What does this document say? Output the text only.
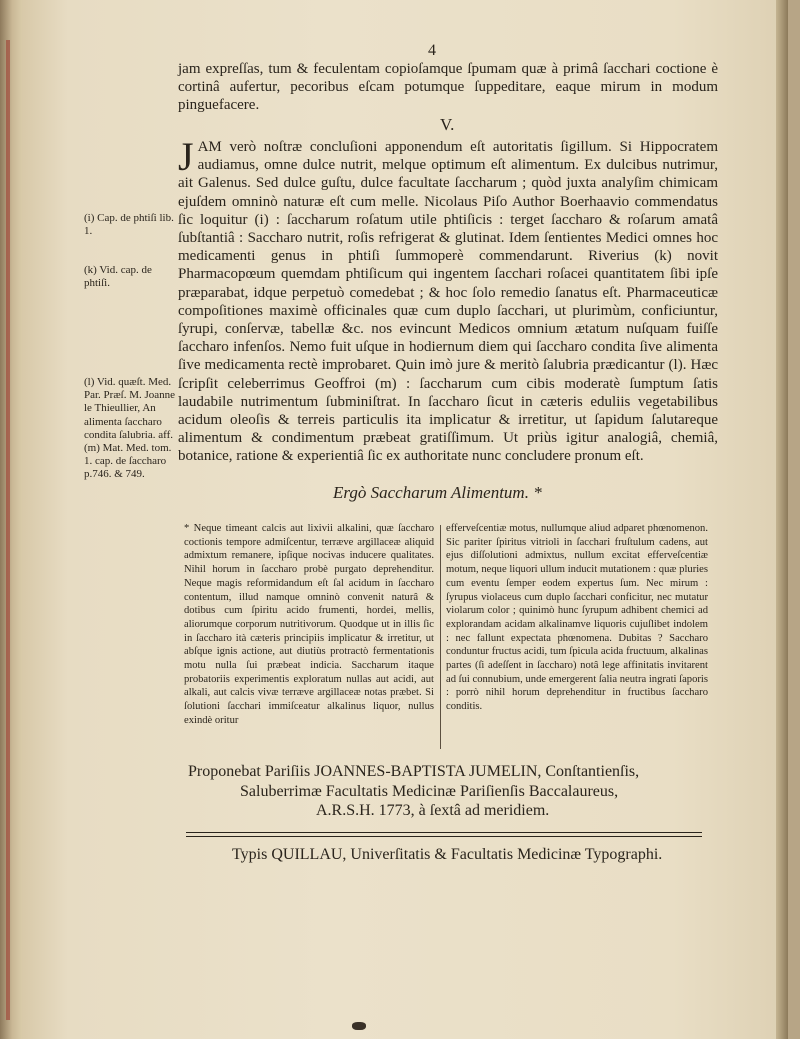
4

jam expreſſas, tum & feculentam copioſamque ſpumam quæ à primâ ſacchari coctione è cortinâ aufertur, pecoribus eſcam potumque ſuppeditare, eaque mirum in modum pinguefacere.

V.
J AM verò noſtræ concluſioni apponendum eſt autoritatis ſigillum. Si Hippocratem audiamus, omne dulce nutrit, melque optimum eſt alimentum. Ex dulcibus nutrimur, ait Galenus. Sed dulce guſtu, dulce facultate ſaccharum ; quòd juxta analyſim chimicam ejuſdem omninò naturæ eſt cum melle. Nicolaus Piſo Author Boerhaavio commendatus ſic loquitur (i) : ſaccharum roſatum utile phtiſicis : terget ſaccharo & roſarum amatâ ſubſtantiâ : Saccharo nutrit, roſis refrigerat & glutinat. Idem ſentientes Medici omnes hoc medicamenti genus in phtiſi ſummoperè commendarunt. Riverius (k) novit Pharmacopœum quemdam phtiſicum qui ingentem ſacchari roſacei quantitatem ſibi ipſe præparabat, idque perpetuò comedebat ; & hoc ſolo remedio ſanatus eſt. Pharmaceuticæ compoſitiones maximè officinales quæ cum duplo ſacchari, ut plurimùm, conficiuntur, ſyrupi, conſervæ, tabellæ &c. nos evincunt Medicos omnium ætatum nuſquam fuiſſe ſaccharo infenſos. Nemo fuit uſque in hodiernum diem qui ſaccharo condita ſive alimenta ſive medicamenta rectè improbaret. Quin imò jure & meritò ſalubria prædicantur (l). Hæc ſcripſit celeberrimus Geoffroi (m) : ſaccharum cum cibis moderatè ſumptum ſatis laudabile nutrimentum ſubminiſtrat. In ſaccharo ſicut in cæteris eduliis vegetabilibus acidum oleoſis & terreis particulis ita implicatur & irretitur, ut ſapidum ſalutareque alimentum & condimentum præbeat gratiſſimum. Ut priùs igitur analogiâ, chemiâ, botanice, ratione & experientiâ ſic ex authoritate nunc concludere pronum eſt.

(i) Cap. de phtiſi lib. 1.

(k) Vid. cap. de phtiſi.

(l) Vid. quæſt. Med. Par. Præſ. M. Joanne le Thieullier, An alimenta ſaccharo condita ſalubria. aff. (m) Mat. Med. tom. 1. cap. de ſaccharo p.746. & 749.

Ergò Saccharum Alimentum. *

* Neque timeant calcis aut lixivii alkalini, quæ ſaccharo coctionis tempore admiſcentur, terræve argillaceæ aliquid admixtum remanere, ipſique nocivas inducere qualitates. Nihil horum in ſaccharo probè purgato deprehenditur. Neque magis reformidandum eſt ſal acidum in ſaccharo contentum, illud namque omninò convenit naturâ & dotibus cum ſpiritu acido frumenti, hordei, mellis, aliorumque corporum nutritivorum. Quodque ut in illis ſic in ſaccharo ità cæteris principiis implicatur & irretitur, ut abſque ignis actione, aut diutiùs protractò fermentationis motu nulla ſui præbeat indicia. Saccharum itaque probatoriis experimentis exploratum nullas aut acidi, aut alkali, aut calcis vivæ terræve argillaceæ notas præbet. Si ſolutioni ſacchari immiſceatur alkalinus liquor, nullus exindè oritur

efferveſcentiæ motus, nullumque aliud adparet phœnomenon. Sic pariter ſpiritus vitrioli in ſacchari fruſtulum cadens, aut ejus diſſolutioni admixtus, nullum excitat efferveſcentiæ motum, neque liquori ullum inducit mutationem : quæ pluries cum eventu ſemper eodem expertus ſum. Nec mirum : ſyrupus violaceus cum duplo ſacchari conficitur, nec mutatur violarum color ; quinimò hunc ſyrupum adhibent chemici ad explorandam acidam alkalinamve liquoris cujuſlibet indolem : nec fallunt expectata phœnomena. Dubitas ? Saccharo conduntur fructus acidi, tum ſpicula acida fructuum, alkalinas partes (ſi adeſſent in ſaccharo) notâ lege affinitatis invitarent ad ſui connubium, unde emergerent ſalia neutra ingrati ſaporis : porrò nihil horum deprehenditur in fructibus ſaccharo conditis.

Proponebat Pariſiis JOANNES-BAPTISTA JUMELIN, Conſtantienſis,
Saluberrimæ Facultatis Medicinæ Pariſienſis Baccalaureus,
A.R.S.H. 1773, à ſextâ ad meridiem.

Typis QUILLAU, Univerſitatis & Facultatis Medicinæ Typographi.
